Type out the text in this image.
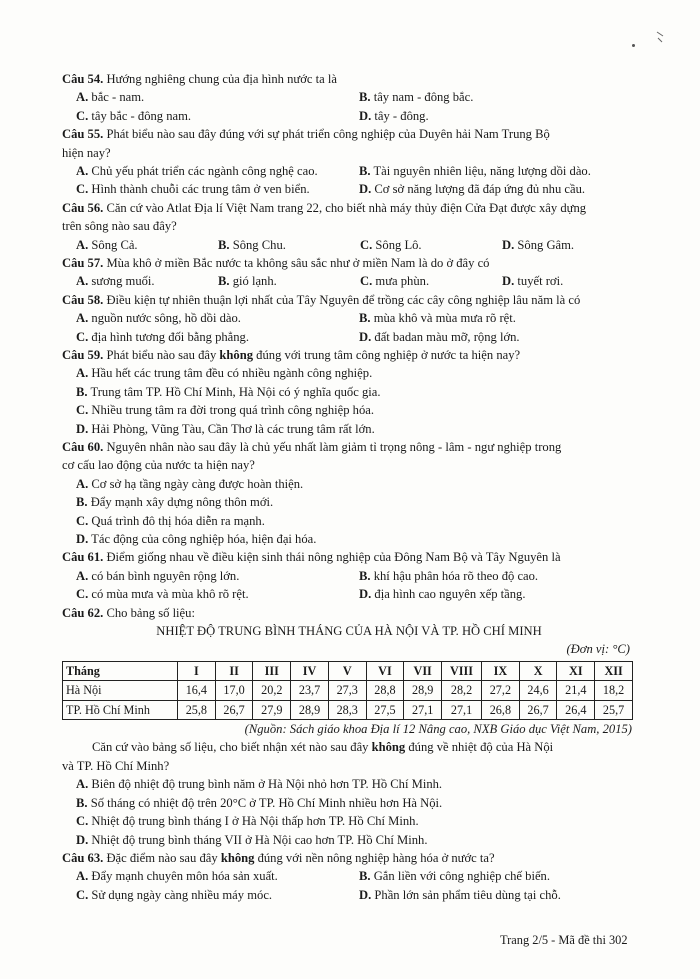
Câu 54. Hướng nghiêng chung của địa hình nước ta là
A. bắc - nam.	B. tây nam - đông bắc.
C. tây bắc - đông nam.	D. tây - đông.
Câu 55. Phát biểu nào sau đây đúng với sự phát triển công nghiệp của Duyên hải Nam Trung Bộ
hiện nay?
A. Chủ yếu phát triển các ngành công nghệ cao.	B. Tài nguyên nhiên liệu, năng lượng dồi dào.
C. Hình thành chuỗi các trung tâm ở ven biển.	D. Cơ sở năng lượng đã đáp ứng đủ nhu cầu.
Câu 56. Căn cứ vào Atlat Địa lí Việt Nam trang 22, cho biết nhà máy thủy điện Cửa Đạt được xây dựng
trên sông nào sau đây?
A. Sông Cả.	B. Sông Chu.	C. Sông Lô.	D. Sông Gâm.
Câu 57. Mùa khô ở miền Bắc nước ta không sâu sắc như ở miền Nam là do ở đây có
A. sương muối.	B. gió lạnh.	C. mưa phùn.	D. tuyết rơi.
Câu 58. Điều kiện tự nhiên thuận lợi nhất của Tây Nguyên để trồng các cây công nghiệp lâu năm là có
A. nguồn nước sông, hồ dồi dào.	B. mùa khô và mùa mưa rõ rệt.
C. địa hình tương đối bằng phẳng.	D. đất badan màu mỡ, rộng lớn.
Câu 59. Phát biểu nào sau đây không đúng với trung tâm công nghiệp ở nước ta hiện nay?
A. Hầu hết các trung tâm đều có nhiều ngành công nghiệp.
B. Trung tâm TP. Hồ Chí Minh, Hà Nội có ý nghĩa quốc gia.
C. Nhiều trung tâm ra đời trong quá trình công nghiệp hóa.
D. Hải Phòng, Vũng Tàu, Cần Thơ là các trung tâm rất lớn.
Câu 60. Nguyên nhân nào sau đây là chủ yếu nhất làm giảm tỉ trọng nông - lâm - ngư nghiệp trong
cơ cấu lao động của nước ta hiện nay?
A. Cơ sở hạ tầng ngày càng được hoàn thiện.
B. Đẩy mạnh xây dựng nông thôn mới.
C. Quá trình đô thị hóa diễn ra mạnh.
D. Tác động của công nghiệp hóa, hiện đại hóa.
Câu 61. Điểm giống nhau về điều kiện sinh thái nông nghiệp của Đông Nam Bộ và Tây Nguyên là
A. có bán bình nguyên rộng lớn.	B. khí hậu phân hóa rõ theo độ cao.
C. có mùa mưa và mùa khô rõ rệt.	D. địa hình cao nguyên xếp tầng.
Câu 62. Cho bảng số liệu:
NHIỆT ĐỘ TRUNG BÌNH THÁNG CỦA HÀ NỘI VÀ TP. HỒ CHÍ MINH
(Đơn vị: °C)
Tháng	I	II	III	IV	V	VI	VII	VIII	IX	X	XI	XII
Hà Nội	16,4	17,0	20,2	23,7	27,3	28,8	28,9	28,2	27,2	24,6	21,4	18,2
TP. Hồ Chí Minh	25,8	26,7	27,9	28,9	28,3	27,5	27,1	27,1	26,8	26,7	26,4	25,7
(Nguồn: Sách giáo khoa Địa lí 12 Nâng cao, NXB Giáo dục Việt Nam, 2015)
Căn cứ vào bảng số liệu, cho biết nhận xét nào sau đây không đúng về nhiệt độ của Hà Nội
và TP. Hồ Chí Minh?
A. Biên độ nhiệt độ trung bình năm ở Hà Nội nhỏ hơn TP. Hồ Chí Minh.
B. Số tháng có nhiệt độ trên 20°C ở TP. Hồ Chí Minh nhiều hơn Hà Nội.
C. Nhiệt độ trung bình tháng I ở Hà Nội thấp hơn TP. Hồ Chí Minh.
D. Nhiệt độ trung bình tháng VII ở Hà Nội cao hơn TP. Hồ Chí Minh.
Câu 63. Đặc điểm nào sau đây không đúng với nền nông nghiệp hàng hóa ở nước ta?
A. Đẩy mạnh chuyên môn hóa sản xuất.	B. Gắn liền với công nghiệp chế biến.
C. Sử dụng ngày càng nhiều máy móc.	D. Phần lớn sản phẩm tiêu dùng tại chỗ.
Trang 2/5 - Mã đề thi 302
